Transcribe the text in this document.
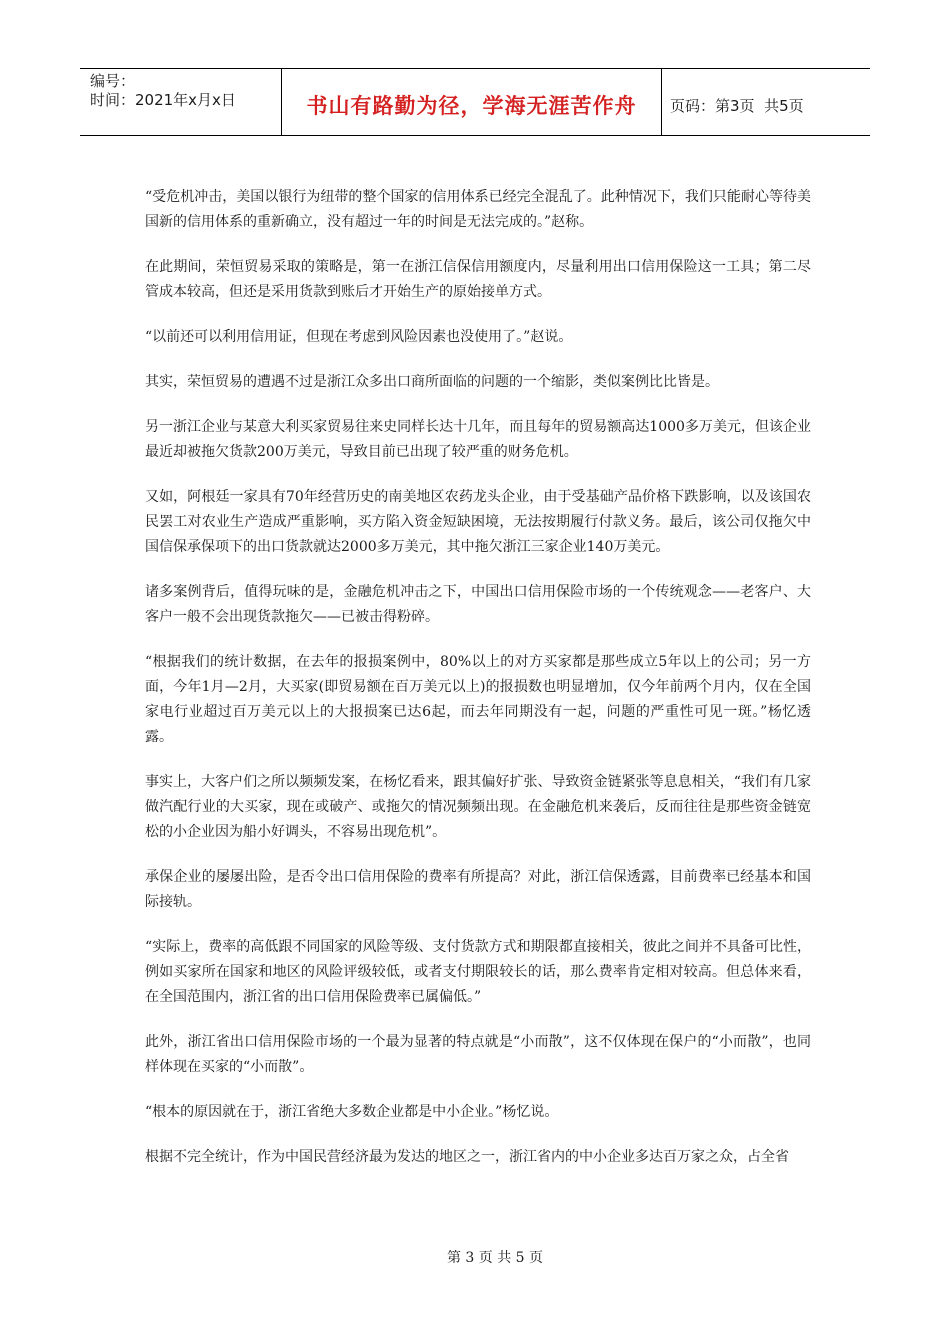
编号：
时间：2021年x月x日	书山有路勤为径，学海无涯苦作舟	页码：第3页  共5页

“受危机冲击，美国以银行为纽带的整个国家的信用体系已经完全混乱了。此种情况下，我们只能耐心等待美国新的信用体系的重新确立，没有超过一年的时间是无法完成的。”赵称。

在此期间，荣恒贸易采取的策略是，第一在浙江信保信用额度内，尽量利用出口信用保险这一工具；第二尽管成本较高，但还是采用货款到账后才开始生产的原始接单方式。

“以前还可以利用信用证，但现在考虑到风险因素也没使用了。”赵说。

其实，荣恒贸易的遭遇不过是浙江众多出口商所面临的问题的一个缩影，类似案例比比皆是。

另一浙江企业与某意大利买家贸易往来史同样长达十几年，而且每年的贸易额高达1000多万美元，但该企业最近却被拖欠货款200万美元，导致目前已出现了较严重的财务危机。

又如，阿根廷一家具有70年经营历史的南美地区农药龙头企业，由于受基础产品价格下跌影响，以及该国农民罢工对农业生产造成严重影响，买方陷入资金短缺困境，无法按期履行付款义务。最后，该公司仅拖欠中国信保承保项下的出口货款就达2000多万美元，其中拖欠浙江三家企业140万美元。

诸多案例背后，值得玩味的是，金融危机冲击之下，中国出口信用保险市场的一个传统观念——老客户、大客户一般不会出现货款拖欠——已被击得粉碎。

“根据我们的统计数据，在去年的报损案例中，80%以上的对方买家都是那些成立5年以上的公司；另一方面，今年1月—2月，大买家(即贸易额在百万美元以上)的报损数也明显增加，仅今年前两个月内，仅在全国家电行业超过百万美元以上的大报损案已达6起，而去年同期没有一起，问题的严重性可见一斑。”杨忆透露。

事实上，大客户们之所以频频发案，在杨忆看来，跟其偏好扩张、导致资金链紧张等息息相关，“我们有几家做汽配行业的大买家，现在或破产、或拖欠的情况频频出现。在金融危机来袭后，反而往往是那些资金链宽松的小企业因为船小好调头，不容易出现危机”。

承保企业的屡屡出险，是否令出口信用保险的费率有所提高？对此，浙江信保透露，目前费率已经基本和国际接轨。

“实际上，费率的高低跟不同国家的风险等级、支付货款方式和期限都直接相关，彼此之间并不具备可比性，例如买家所在国家和地区的风险评级较低，或者支付期限较长的话，那么费率肯定相对较高。但总体来看，在全国范围内，浙江省的出口信用保险费率已属偏低。”

此外，浙江省出口信用保险市场的一个最为显著的特点就是“小而散”，这不仅体现在保户的“小而散”，也同样体现在买家的“小而散”。

“根本的原因就在于，浙江省绝大多数企业都是中小企业。”杨忆说。

根据不完全统计，作为中国民营经济最为发达的地区之一，浙江省内的中小企业多达百万家之众，占全省

第 3 页 共 5 页
